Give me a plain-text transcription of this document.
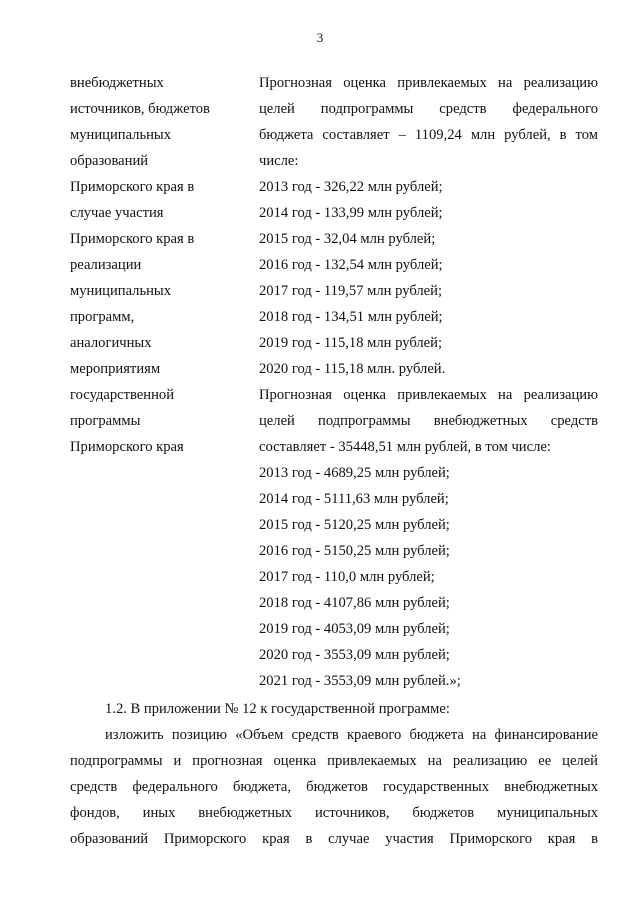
3
внебюджетных
источников, бюджетов
муниципальных
образований
Приморского края в
случае участия
Приморского края в
реализации
муниципальных
программ,
аналогичных
мероприятиям
государственной
программы
Приморского края
Прогнозная оценка привлекаемых на реализацию
целей подпрограммы средств федерального
бюджета составляет – 1109,24 млн рублей, в том
числе:
2013 год - 326,22 млн рублей;
2014 год - 133,99 млн рублей;
2015 год - 32,04 млн рублей;
2016 год - 132,54 млн рублей;
2017 год - 119,57 млн рублей;
2018 год - 134,51 млн рублей;
2019 год - 115,18 млн рублей;
2020 год - 115,18 млн. рублей.
Прогнозная оценка привлекаемых на реализацию
целей подпрограммы внебюджетных средств
составляет - 35448,51 млн рублей, в том числе:
2013 год - 4689,25 млн рублей;
2014 год - 5111,63 млн рублей;
2015 год - 5120,25 млн рублей;
2016 год - 5150,25 млн рублей;
2017 год - 110,0 млн рублей;
2018 год - 4107,86 млн рублей;
2019 год - 4053,09 млн рублей;
2020 год - 3553,09 млн рублей;
2021 год - 3553,09 млн рублей.»;
1.2. В приложении № 12 к государственной программе:
изложить позицию «Объем средств краевого бюджета на финансирование
подпрограммы и прогнозная оценка привлекаемых на реализацию ее целей
средств федерального бюджета, бюджетов государственных внебюджетных
фондов, иных внебюджетных источников, бюджетов муниципальных
образований Приморского края в случае участия Приморского края в
